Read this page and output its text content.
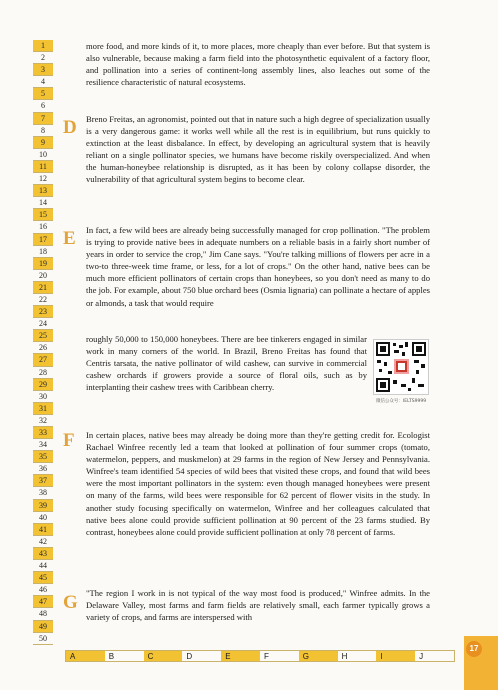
1
2
3
4
5
6
7
8
9
10
11
12
13
14
15
16
17
18
19
20
21
22
23
24
25
26
27
28
29
30
31
32
33
34
35
36
37
38
39
40
41
42
43
44
45
46
47
48
49
50
more food, and more kinds of it, to more places, more cheaply than ever before. But that system is also vulnerable, because making a farm field into the photosynthetic equivalent of a factory floor, and pollination into a series of continent-long assembly lines, also leaches out some of the resilience characteristic of natural ecosystems.
D	Breno Freitas, an agronomist, pointed out that in nature such a high degree of specialization usually is a very dangerous game: it works well while all the rest is in equilibrium, but runs quickly to extinction at the least disbalance. In effect, by developing an agricultural system that is heavily reliant on a single pollinator species, we humans have become riskily overspecialized. And when the human-honeybee relationship is disrupted, as it has been by colony collapse disorder, the vulnerability of that agricultural system begins to become clear.
E	In fact, a few wild bees are already being successfully managed for crop pollination. "The problem is trying to provide native bees in adequate numbers on a reliable basis in a fairly short number of years in order to service the crop," Jim Cane says. "You're talking millions of flowers per acre in a two-to three-week time frame, or less, for a lot of crops." On the other hand, native bees can be much more efficient pollinators of certain crops than honeybees, so you don't need as many to do the job. For example, about 750 blue orchard bees (Osmia lignaria) can pollinate a hectare of apples or almonds, a task that would require
roughly 50,000 to 150,000 honeybees. There are bee tinkerers engaged in similar work in many corners of the world. In Brazil, Breno Freitas has found that Centris tarsata, the native pollinator of wild cashew, can survive in commercial cashew orchards if growers provide a source of floral oils, such as by interplanting their cashew trees with Caribbean cherry.
微信公众号：IELTS9999
F	In certain places, native bees may already be doing more than they're getting credit for. Ecologist Rachael Winfree recently led a team that looked at pollination of four summer crops (tomato, watermelon, peppers, and muskmelon) at 29 farms in the region of New Jersey and Pennsylvania. Winfree's team identified 54 species of wild bees that visited these crops, and found that wild bees were the most important pollinators in the system: even though managed honeybees were present on many of the farms, wild bees were responsible for 62 percent of flower visits in the study. In another study focusing specifically on watermelon, Winfree and her colleagues calculated that native bees alone could provide sufficient pollination at 90 percent of the 23 farms studied. By contrast, honeybees alone could provide sufficient pollination at only 78 percent of farms.
G "The region I work in is not typical of the way most food is produced," Winfree admits. In the Delaware Valley, most farms and farm fields are relatively small, each farmer typically grows a variety of crops, and farms are interspersed with
A	B	C	D	E	F	G	H	I	J
17
